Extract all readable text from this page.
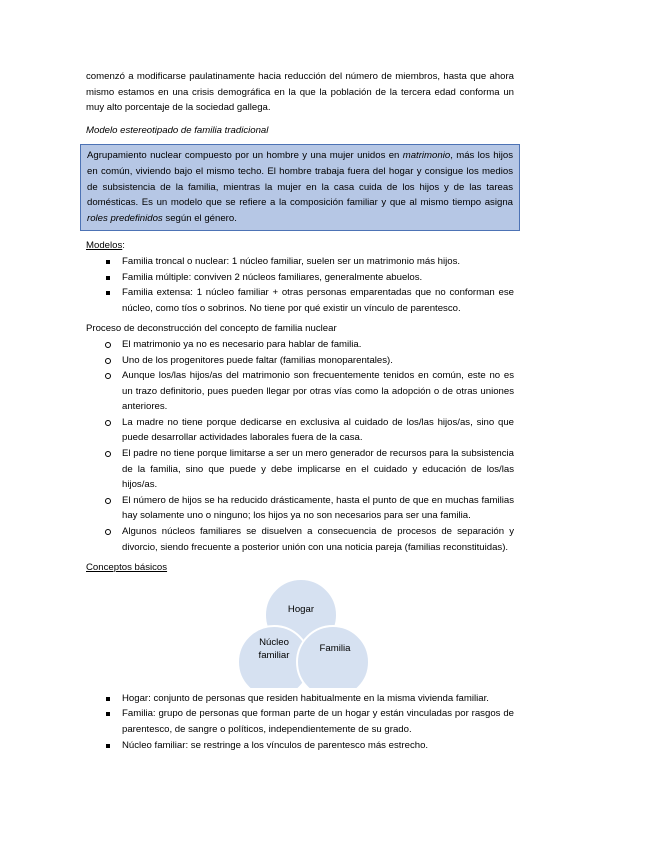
comenzó a modificarse paulatinamente hacia reducción del número de miembros, hasta que ahora mismo estamos en una crisis demográfica en la que la población de la tercera edad conforma un muy alto porcentaje de la sociedad gallega.

Modelo estereotipado de familia tradicional

Agrupamiento nuclear compuesto por un hombre y una mujer unidos en matrimonio, más los hijos en común, viviendo bajo el mismo techo. El hombre trabaja fuera del hogar y consigue los medios de subsistencia de la familia, mientras la mujer en la casa cuida de los hijos y de las tareas domésticas. Es un modelo que se refiere a la composición familiar y que al mismo tiempo asigna roles predefinidos según el género.

Modelos:

Familia troncal o nuclear: 1 núcleo familiar, suelen ser un matrimonio más hijos.
Familia múltiple: conviven 2 núcleos familiares, generalmente abuelos.
Familia extensa: 1 núcleo familiar + otras personas emparentadas que no conforman ese núcleo, como tíos o sobrinos. No tiene por qué existir un vínculo de parentesco.

Proceso de deconstrucción del concepto de familia nuclear

El matrimonio ya no es necesario para hablar de familia.
Uno de los progenitores puede faltar (familias monoparentales).
Aunque los/las hijos/as del matrimonio son frecuentemente tenidos en común, este no es un trazo definitorio, pues pueden llegar por otras vías como la adopción o de otras uniones anteriores.
La madre no tiene porque dedicarse en exclusiva al cuidado de los/las hijos/as, sino que puede desarrollar actividades laborales fuera de la casa.
El padre no tiene porque limitarse a ser un mero generador de recursos para la subsistencia de la familia, sino que puede y debe implicarse en el cuidado y educación de los/las hijos/as.
El número de hijos se ha reducido drásticamente, hasta el punto de que en muchas familias hay solamente uno o ninguno; los hijos ya no son necesarios para ser una familia.
Algunos núcleos familiares se disuelven a consecuencia de procesos de separación y divorcio, siendo frecuente a posterior unión con una noticia pareja (familias reconstituidas).

Conceptos básicos

Hogar
Núcleo
familiar
Familia
Hogar: conjunto de personas que residen habitualmente en la misma vivienda familiar.
Familia: grupo de personas que forman parte de un hogar y están vinculadas por rasgos de parentesco, de sangre o políticos, independientemente de su grado.
Núcleo familiar: se restringe a los vínculos de parentesco más estrecho.
